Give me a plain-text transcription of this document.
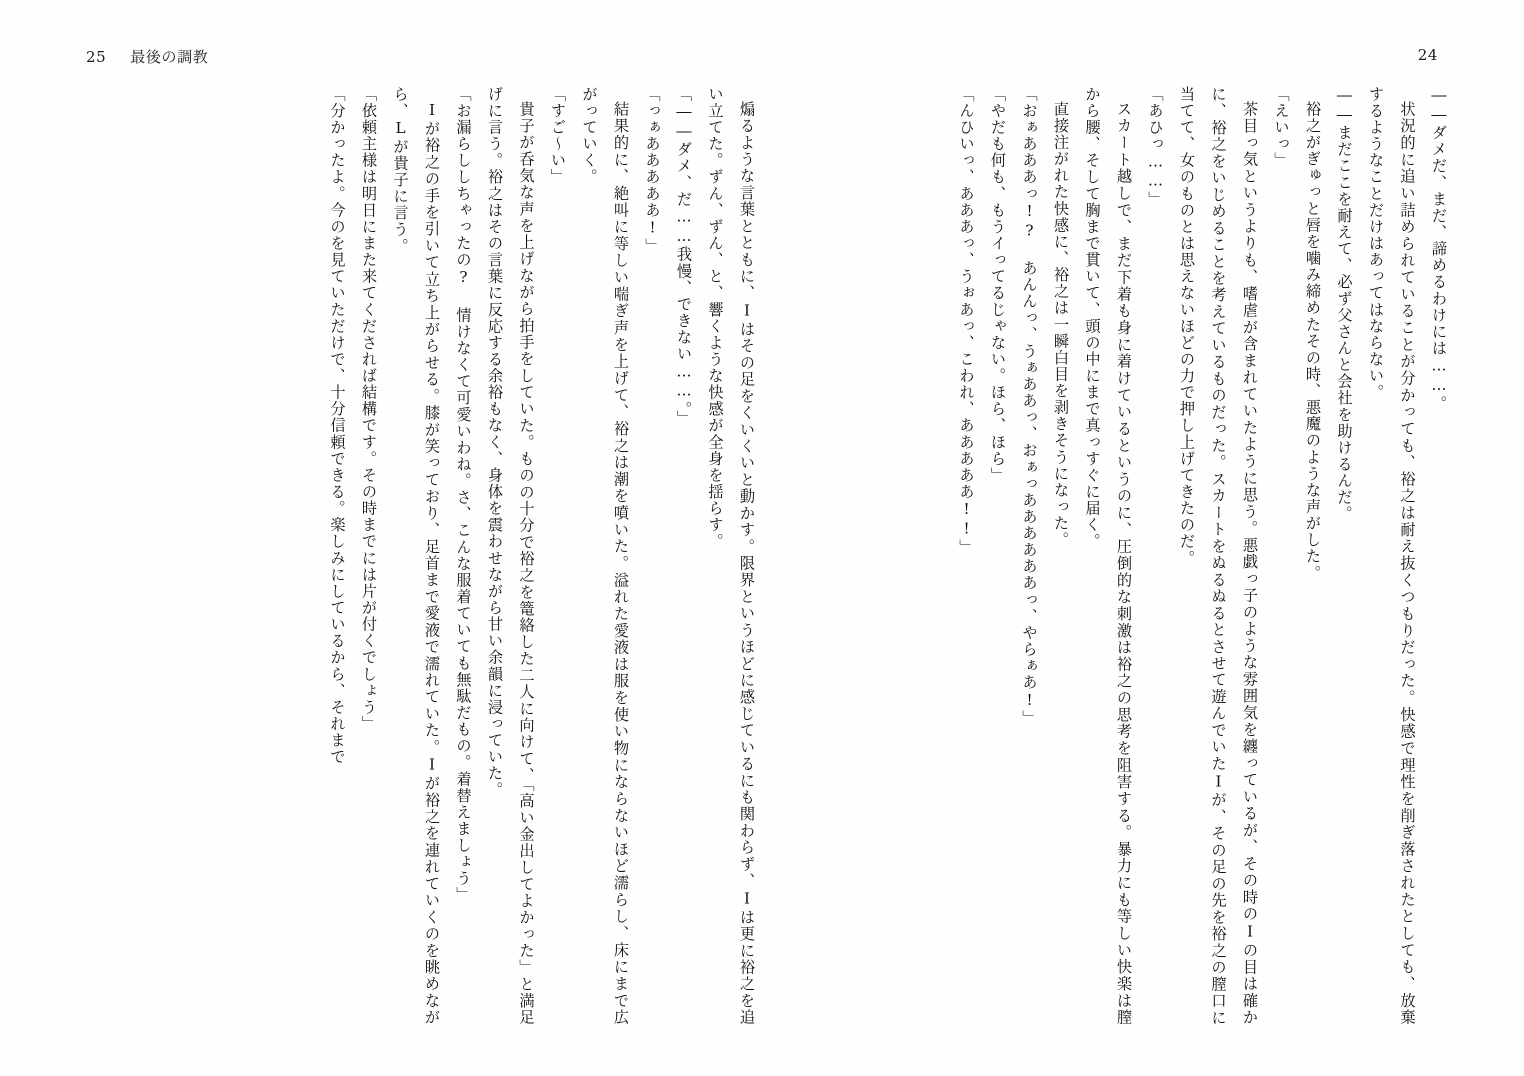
25 最後の調教	24

――ダメだ、まだ、諦めるわけには……。

状況的に追い詰められていることが分かっても、裕之は耐え抜くつもりだった。快感で理性を削ぎ落されたとしても、放棄するようなことだけはあってはならない。

――まだここを耐えて、必ず父さんと会社を助けるんだ。

裕之がぎゅっと唇を噛み締めたその時、悪魔のような声がした。

「えいっ」

茶目っ気というよりも、嗜虐が含まれていたように思う。悪戯っ子のような雰囲気を纏っているが、その時のIの目は確かに、裕之をいじめることを考えているものだった。スカートをぬるぬるとさせて遊んでいたIが、その足の先を裕之の膣口に当てて、女のものとは思えないほどの力で押し上げてきたのだ。

「あひっ……」

スカート越しで、まだ下着も身に着けているというのに、圧倒的な刺激は裕之の思考を阻害する。暴力にも等しい快楽は膣から腰、そして胸まで貫いて、頭の中にまで真っすぐに届く。

直接注がれた快感に、裕之は一瞬白目を剥きそうになった。

「おぁあああっ!? あんんっ、うぁああっ、おぁっああああああっ、やらぁあ!」

「やだも何も、もうイってるじゃない。ほら、ほら」

「んひいっ、あああっ、うぉあっ、こわれ、あああああ!!」

煽るような言葉とともに、Iはその足をくいくいと動かす。限界というほどに感じているにも関わらず、Iは更に裕之を追い立てた。ずん、ずん、と、響くような快感が全身を揺らす。

「――ダメ、だ……我慢、できない……。」

「っぁあああああ!」

結果的に、絶叫に等しい喘ぎ声を上げて、裕之は潮を噴いた。溢れた愛液は服を使い物にならないほど濡らし、床にまで広がっていく。

「すご～い」

貴子が呑気な声を上げながら拍手をしていた。ものの十分で裕之を篭絡した二人に向けて、「高い金出してよかった」と満足げに言う。裕之はその言葉に反応する余裕もなく、身体を震わせながら甘い余韻に浸っていた。

「お漏らししちゃったの? 情けなくて可愛いわね。さ、こんな服着ていても無駄だもの。着替えましょう」

Iが裕之の手を引いて立ち上がらせる。膝が笑っており、足首まで愛液で濡れていた。Iが裕之を連れていくのを眺めながら、Lが貴子に言う。

「依頼主様は明日にまた来てくだされば結構です。その時までには片が付くでしょう」

「分かったよ。今のを見ていただけで、十分信頼できる。楽しみにしているから、それまで
